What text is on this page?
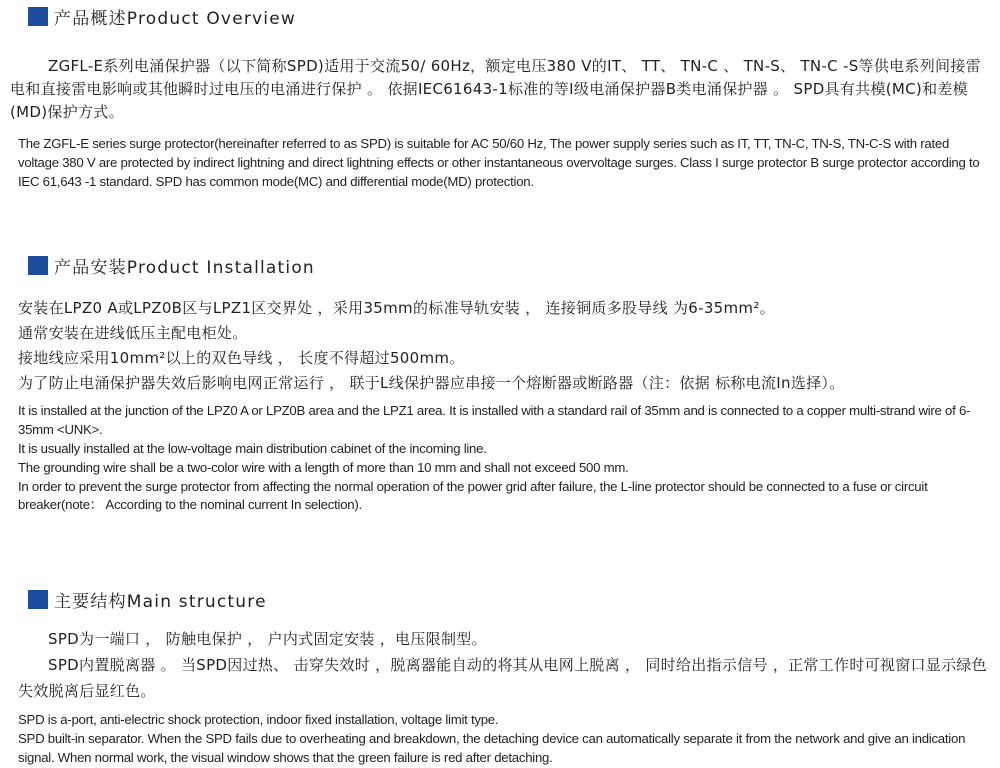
产品概述Product Overview

ZGFL-E系列电涌保护器（以下简称SPD)适用于交流50/ 60Hz，额定电压380 V的IT、 TT、 TN-C 、 TN-S、 TN-C -S等供电系列间接雷电和直接雷电影响或其他瞬时过电压的电涌进行保护 。 依据IEC61643-1标准的等I级电涌保护器B类电涌保护器 。 SPD具有共模(MC)和差模(MD)保护方式。

The ZGFL-E series surge protector(hereinafter referred to as SPD) is suitable for AC 50/60 Hz, The power supply series such as IT, TT, TN-C, TN-S, TN-C-S with rated voltage 380 V are protected by indirect lightning and direct lightning effects or other instantaneous overvoltage surges. Class I surge protector B surge protector according to IEC 61,643 -1 standard. SPD has common mode(MC) and differential mode(MD) protection.

产品安装Product Installation

安装在LPZ0 A或LPZ0B区与LPZ1区交界处 ，采用35mm的标准导轨安装 ， 连接铜质多股导线 为6-35mm²。

通常安装在进线低压主配电柜处。

接地线应采用10mm²以上的双色导线 ， 长度不得超过500mm。

为了防止电涌保护器失效后影响电网正常运行 ， 联于L线保护器应串接一个熔断器或断路器（注：依据 标称电流In选择）。

It is installed at the junction of the LPZ0 A or LPZ0B area and the LPZ1 area. It is installed with a standard rail of 35mm and is connected to a copper multi-strand wire of 6-35mm <UNK>.

It is usually installed at the low-voltage main distribution cabinet of the incoming line.

The grounding wire shall be a two-color wire with a length of more than 10 mm and shall not exceed 500 mm.

In order to prevent the surge protector from affecting the normal operation of the power grid after failure, the L-line protector should be connected to a fuse or circuit breaker(note： According to the nominal current In selection).

主要结构Main structure

SPD为一端口 ， 防触电保护 ， 户内式固定安装 ，电压限制型。

SPD内置脱离器 。 当SPD因过热、 击穿失效时 ，脱离器能自动的将其从电网上脱离 ， 同时给出指示信号 ，正常工作时可视窗口显示绿色失效脱离后显红色。

SPD is a-port, anti-electric shock protection, indoor fixed installation, voltage limit type.

SPD built-in separator. When the SPD fails due to overheating and breakdown, the detaching device can automatically separate it from the network and give an indication signal. When normal work, the visual window shows that the green failure is red after detaching.
